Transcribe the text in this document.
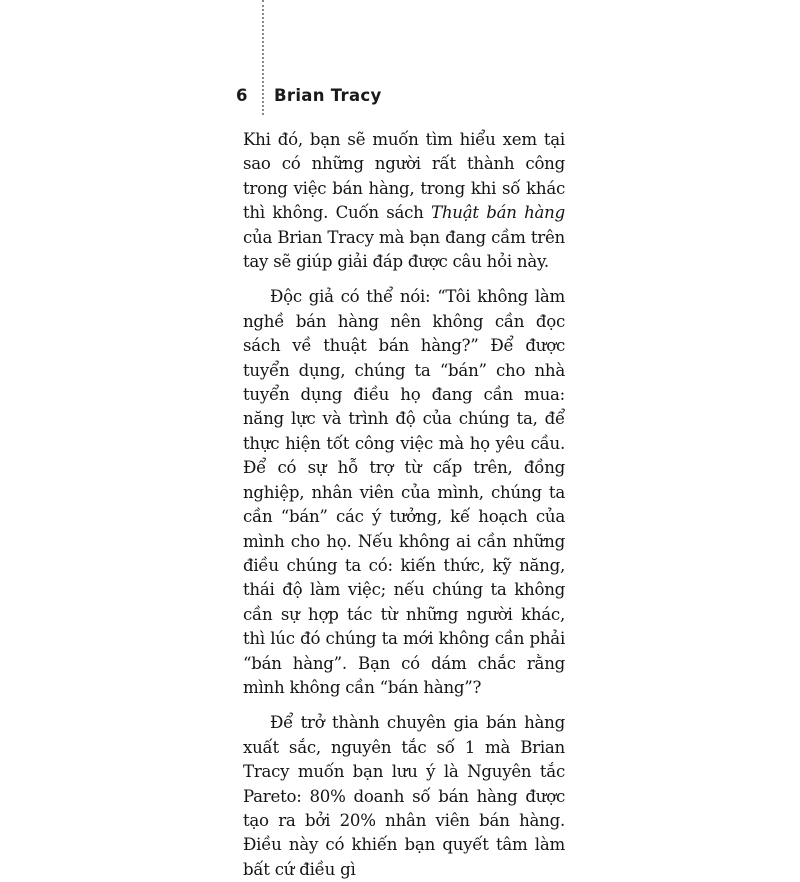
6 Brian Tracy

Khi đó, bạn sẽ muốn tìm hiểu xem tại sao có những người rất thành công trong việc bán hàng, trong khi số khác thì không. Cuốn sách Thuật bán hàng của Brian Tracy mà bạn đang cầm trên tay sẽ giúp giải đáp được câu hỏi này.

Độc giả có thể nói: “Tôi không làm nghề bán hàng nên không cần đọc sách về thuật bán hàng?” Để được tuyển dụng, chúng ta “bán” cho nhà tuyển dụng điều họ đang cần mua: năng lực và trình độ của chúng ta, để thực hiện tốt công việc mà họ yêu cầu. Để có sự hỗ trợ từ cấp trên, đồng nghiệp, nhân viên của mình, chúng ta cần “bán” các ý tưởng, kế hoạch của mình cho họ. Nếu không ai cần những điều chúng ta có: kiến thức, kỹ năng, thái độ làm việc; nếu chúng ta không cần sự hợp tác từ những người khác, thì lúc đó chúng ta mới không cần phải “bán hàng”. Bạn có dám chắc rằng mình không cần “bán hàng”?

Để trở thành chuyên gia bán hàng xuất sắc, nguyên tắc số 1 mà Brian Tracy muốn bạn lưu ý là Nguyên tắc Pareto: 80% doanh số bán hàng được tạo ra bởi 20% nhân viên bán hàng. Điều này có khiến bạn quyết tâm làm bất cứ điều gì
